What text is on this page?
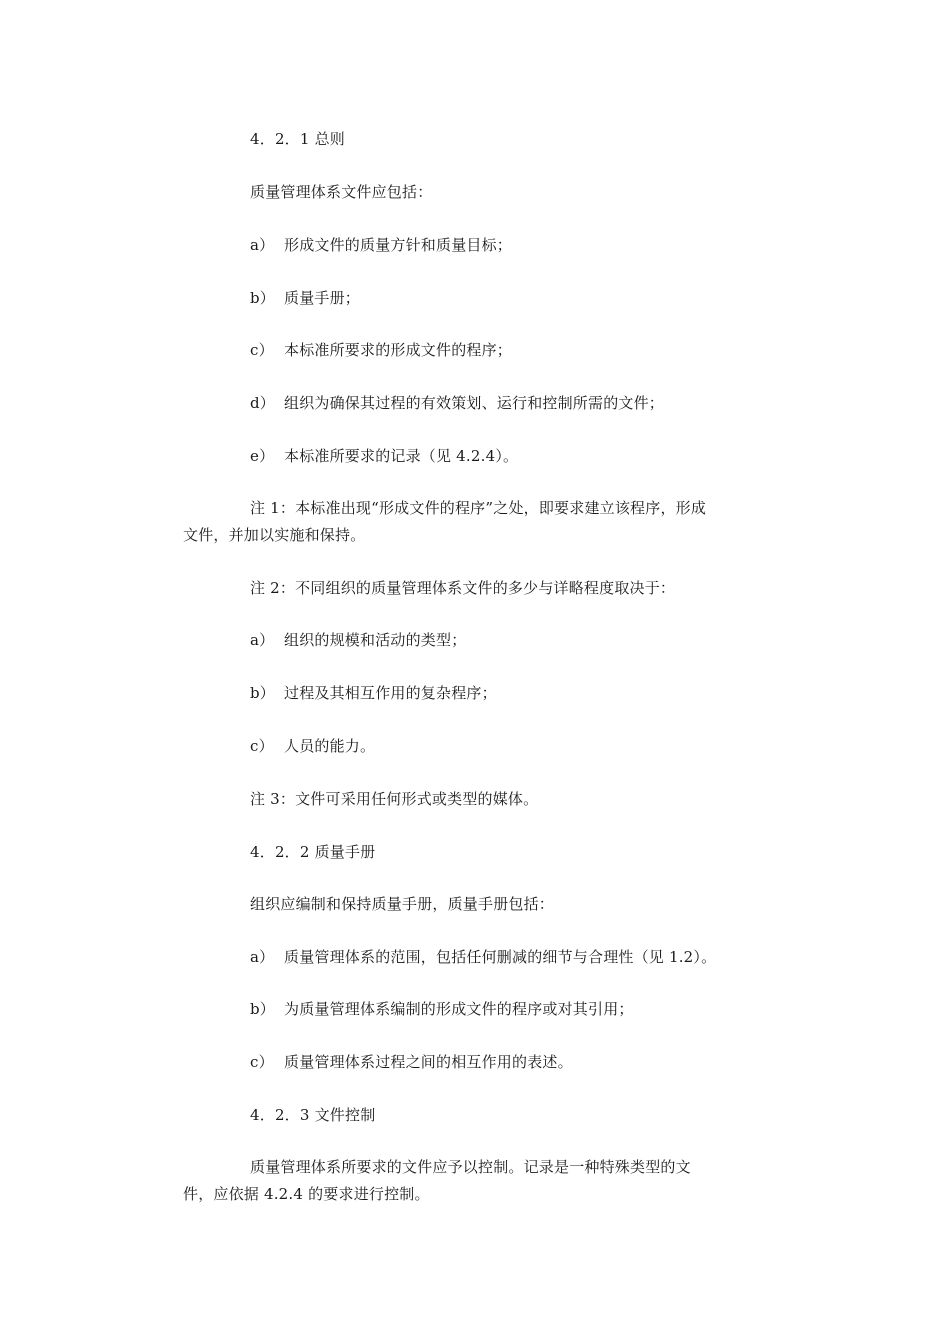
4．2．1 总则
质量管理体系文件应包括：
a） 形成文件的质量方针和质量目标；
b） 质量手册；
c） 本标准所要求的形成文件的程序；
d） 组织为确保其过程的有效策划、运行和控制所需的文件；
e） 本标准所要求的记录（见 4.2.4）。
注 1：本标准出现“形成文件的程序”之处，即要求建立该程序，形成
文件，并加以实施和保持。
注 2：不同组织的质量管理体系文件的多少与详略程度取决于：
a） 组织的规模和活动的类型；
b） 过程及其相互作用的复杂程序；
c） 人员的能力。
注 3：文件可采用任何形式或类型的媒体。
4．2．2 质量手册
组织应编制和保持质量手册，质量手册包括：
a） 质量管理体系的范围，包括任何删减的细节与合理性（见 1.2）。
b） 为质量管理体系编制的形成文件的程序或对其引用；
c） 质量管理体系过程之间的相互作用的表述。
4．2．3 文件控制
质量管理体系所要求的文件应予以控制。记录是一种特殊类型的文
件，应依据 4.2.4 的要求进行控制。
